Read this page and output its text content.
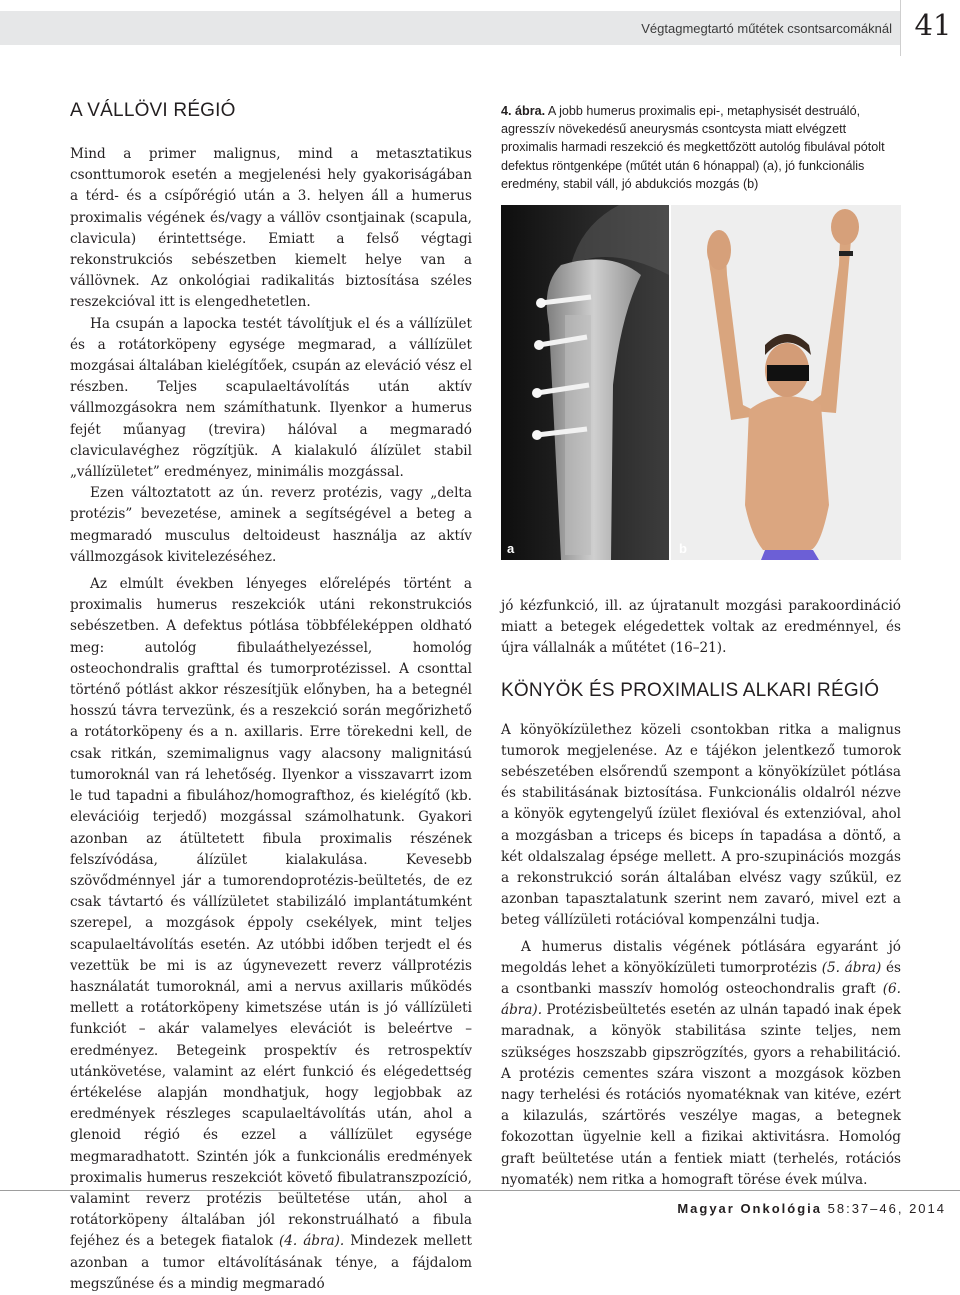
Végtagmegtartó műtétek csontsarcomáknál 41
A VÁLLÖVI RÉGIÓ

Mind a primer malignus, mind a metasztatikus csonttumorok esetén a megjelenési hely gyakoriságában a térd- és a csípőrégió után a 3. helyen áll a humerus proximalis végének és/vagy a vállöv csontjainak (scapula, clavicula) érintettsége. Emiatt a felső végtagi rekonstrukciós sebészetben kiemelt helye van a vállövnek. Az onkológiai radikalitás biztosítása széles reszekcióval itt is elengedhetetlen.

Ha csupán a lapocka testét távolítjuk el és a vállízület és a rotátorköpeny egysége megmarad, a vállízület mozgásai általában kielégítőek, csupán az eleváció vész el részben. Teljes scapulaeltávolítás után aktív vállmozgásokra nem számíthatunk. Ilyenkor a humerus fejét műanyag (trevira) hálóval a megmaradó claviculavéghez rögzítjük. A kialakuló álízület stabil „vállízületet” eredményez, minimális mozgással.

Ezen változtatott az ún. reverz protézis, vagy „delta protézis” bevezetése, aminek a segítségével a beteg a megmaradó musculus deltoideust használja az aktív vállmozgások kivitelezéséhez.

Az elmúlt években lényeges előrelépés történt a proximalis humerus reszekciók utáni rekonstrukciós sebészetben. A defektus pótlása többféleképpen oldható meg: autológ fibulaáthelyezéssel, homológ osteochondralis grafttal és tumorprotézissel. A csonttal történő pótlást akkor részesítjük előnyben, ha a betegnél hosszú távra tervezünk, és a reszekció során megőrizhető a rotátorköpeny és a n. axillaris. Erre törekedni kell, de csak ritkán, szemimalignus vagy alacsony malignitású tumoroknál van rá lehetőség. Ilyenkor a visszavarrt izom le tud tapadni a fibulához/homografthoz, és kielégítő (kb. elevációig terjedő) mozgással számolhatunk. Gyakori azonban az átültetett fibula proximalis részének felszívódása, álízület kialakulása. Kevesebb szövődménnyel jár a tumorendoprotézis-beültetés, de ez csak távtartó és vállízületet stabilizáló implantátumként szerepel, a mozgások éppoly csekélyek, mint teljes scapulaeltávolítás esetén. Az utóbbi időben terjedt el és vezettük be mi is az úgynevezett reverz vállprotézis használatát tumoroknál, ami a nervus axillaris működés mellett a rotátorköpeny kimetszése után is jó vállízületi funkciót – akár valamelyes elevációt is beleértve – eredményez. Betegeink prospektív és retrospektív utánkövetése, valamint az elért funkció és elégedettség értékelése alapján mondhatjuk, hogy legjobbak az eredmények részleges scapulaeltávolítás után, ahol a glenoid régió és ezzel a vállízület egysége megmaradhatott. Szintén jók a funkcionális eredmények proximalis humerus reszekciót követő fibulatranszpozíció, valamint reverz protézis beültetése után, ahol a rotátorköpeny általában jól rekonstruálható a fibula fejéhez és a betegek fiatalok (4. ábra). Mindezek mellett azonban a tumor eltávolításának ténye, a fájdalom megszűnése és a mindig megmaradó

4. ábra. A jobb humerus proximalis epi-, metaphysisét destruáló, agresszív növekedésű aneurysmás csontcysta miatt elvégzett proximalis harmadi reszekció és megkettőzött autológ fibulával pótolt defektus röntgenképe (műtét után 6 hónappal) (a), jó funkcionális eredmény, stabil váll, jó abdukciós mozgás (b)
a	b

jó kézfunkció, ill. az újratanult mozgási parakoordináció miatt a betegek elégedettek voltak az eredménnyel, és újra vállalnák a műtétet (16–21).

KÖNYÖK ÉS PROXIMALIS ALKARI RÉGIÓ

A könyökízülethez közeli csontokban ritka a malignus tumorok megjelenése. Az e tájékon jelentkező tumorok sebészetében elsőrendű szempont a könyökízület pótlása és stabilitásának biztosítása. Funkcionális oldalról nézve a könyök egytengelyű ízület flexióval és extenzióval, ahol a mozgásban a triceps és biceps ín tapadása a döntő, a két oldalszalag épsége mellett. A pro-szupinációs mozgás a rekonstrukció során általában elvész vagy szűkül, ez azonban tapasztalatunk szerint nem zavaró, mivel ezt a beteg vállízületi rotációval kompenzálni tudja.

A humerus distalis végének pótlására egyaránt jó megoldás lehet a könyökízületi tumorprotézis (5. ábra) és a csontbanki masszív homológ osteochondralis graft (6. ábra). Protézisbeültetés esetén az ulnán tapadó inak épek maradnak, a könyök stabilitása szinte teljes, nem szükséges hoszszabb gipszrögzítés, gyors a rehabilitáció. A protézis cementes szára viszont a mozgások közben nagy terhelési és rotációs nyomatéknak van kitéve, ezért a kilazulás, szártörés veszélye magas, a betegnek fokozottan ügyelnie kell a fizikai aktivitásra. Homológ graft beültetése után a fentiek miatt (terhelés, rotációs nyomaték) nem ritka a homograft törése évek múlva.

Magyar Onkológia 58:37–46, 2014
